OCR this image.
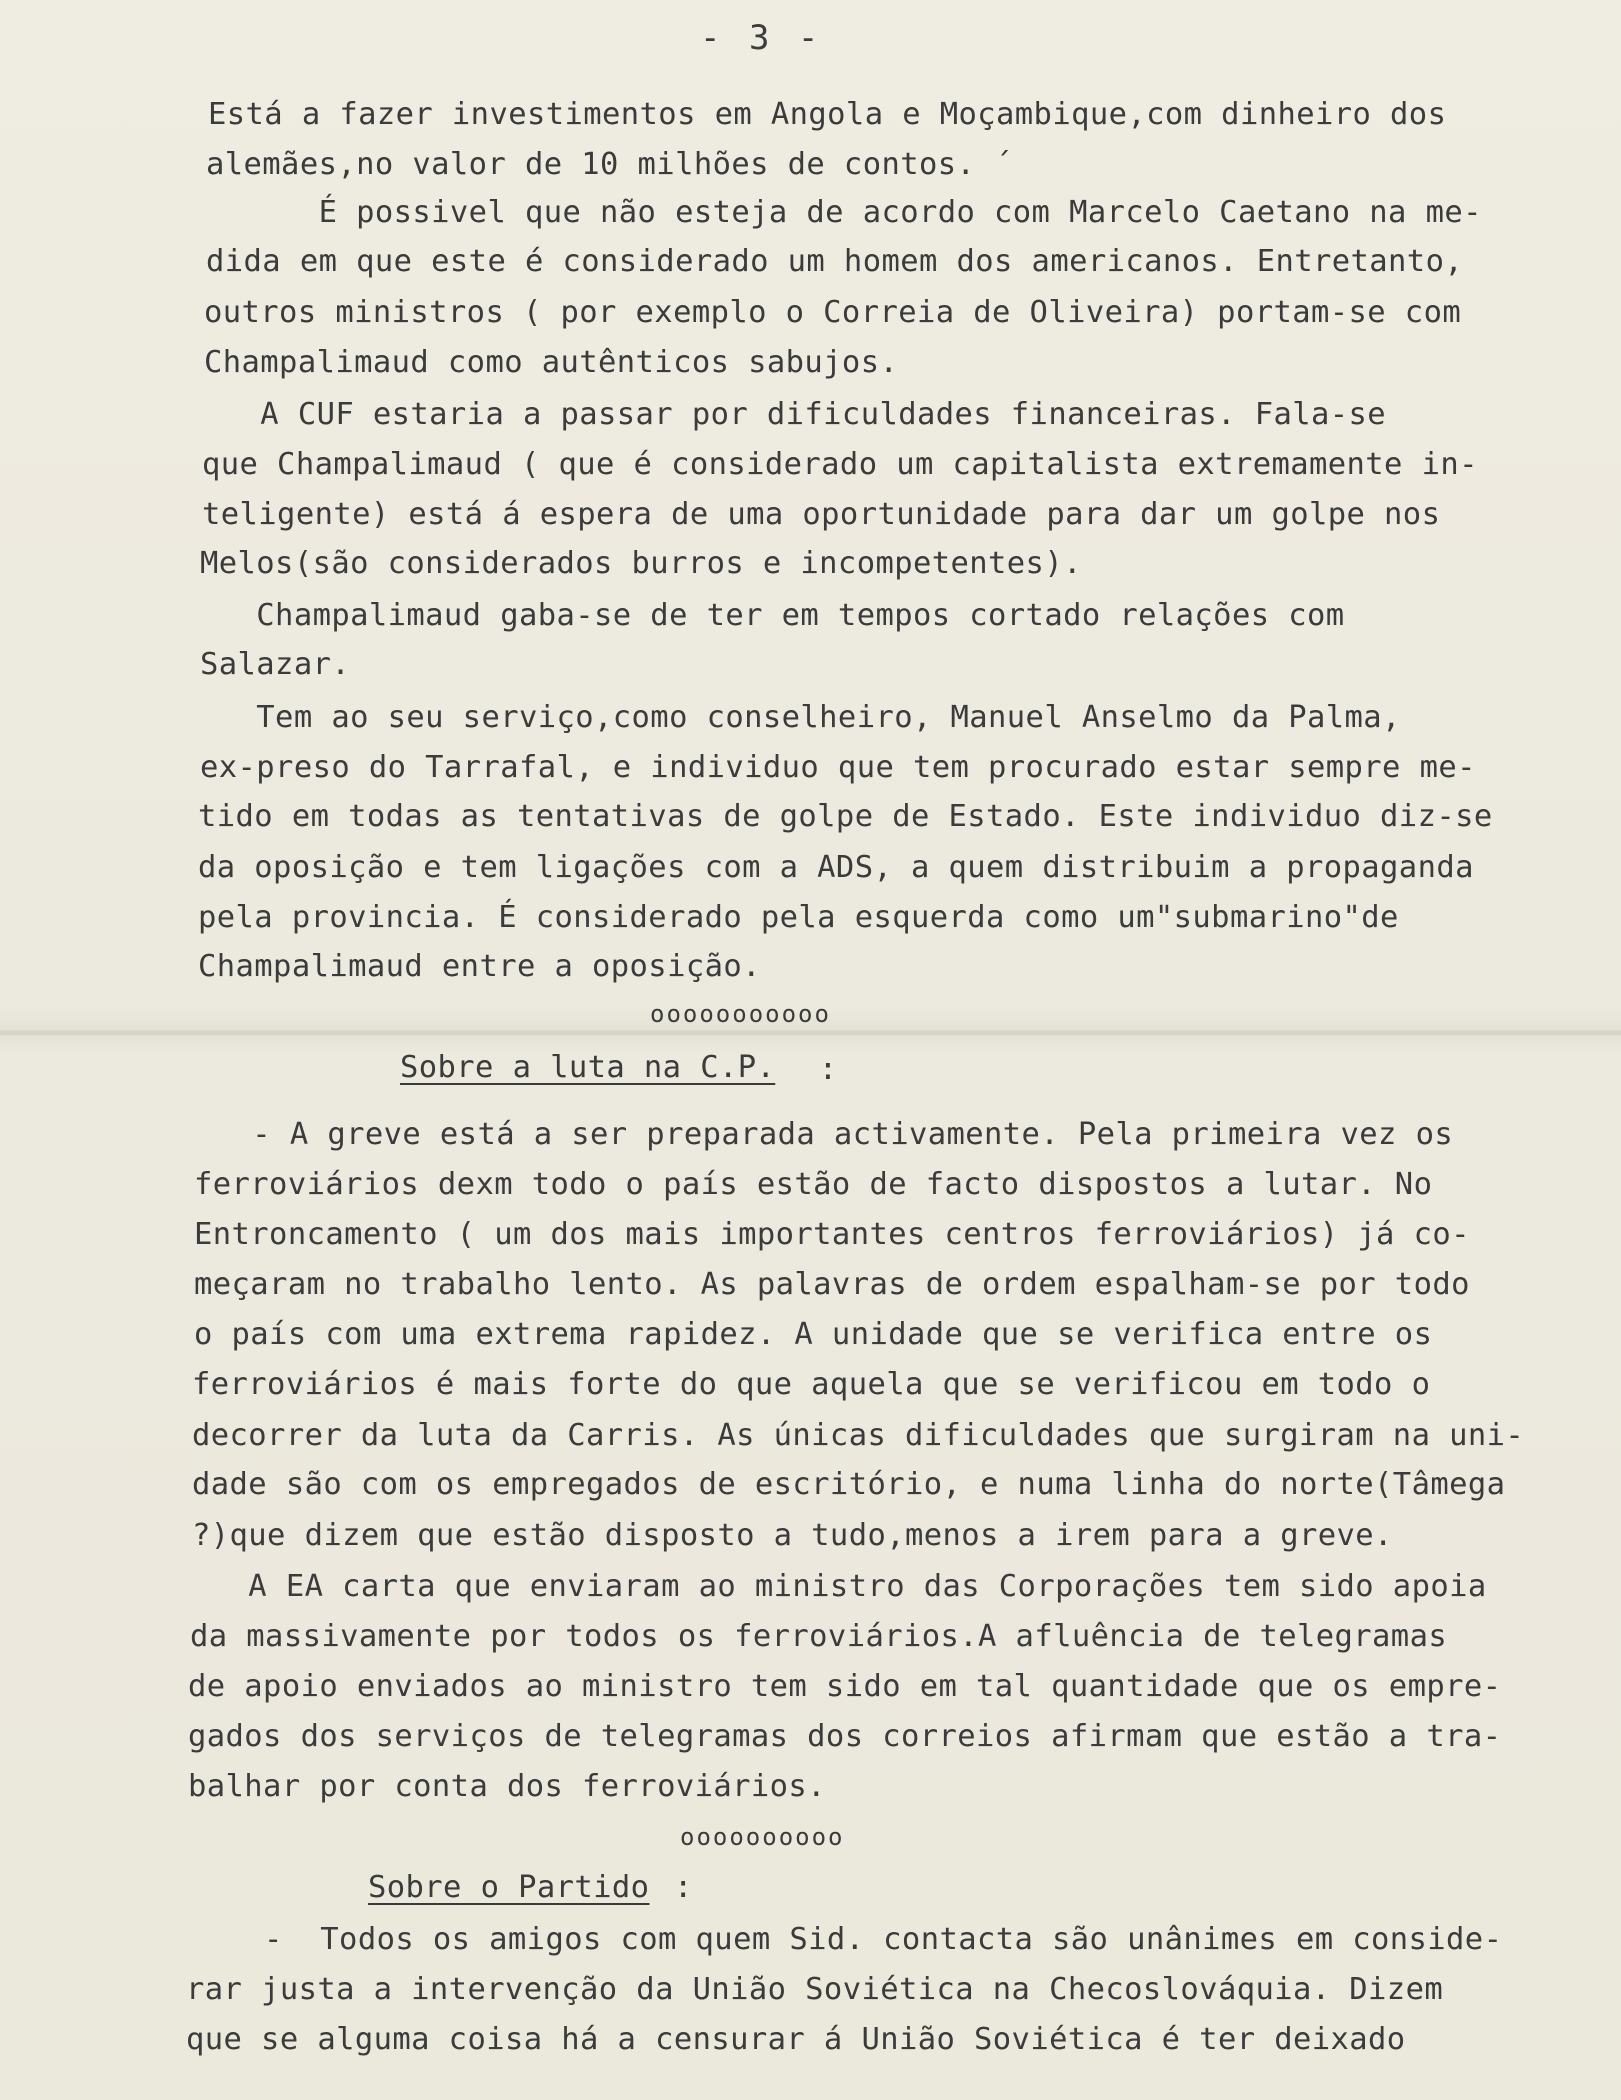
- 3 -
Está a fazer investimentos em Angola e Moçambique,com dinheiro dos
alemães,no valor de 10 milhões de contos. ´
É possivel que não esteja de acordo com Marcelo Caetano na me-
dida em que este é considerado um homem dos americanos. Entretanto,
outros ministros ( por exemplo o Correia de Oliveira) portam-se com
Champalimaud como autênticos sabujos.
A CUF estaria a passar por dificuldades financeiras. Fala-se
que Champalimaud ( que é considerado um capitalista extremamente in-
teligente) está á espera de uma oportunidade para dar um golpe nos
Melos(são considerados burros e incompetentes).
Champalimaud gaba-se de ter em tempos cortado relações com
Salazar.
Tem ao seu serviço,como conselheiro, Manuel Anselmo da Palma,
ex-preso do Tarrafal, e individuo que tem procurado estar sempre me-
tido em todas as tentativas de golpe de Estado. Este individuo diz-se
da oposição e tem ligações com a ADS, a quem distribuim a propaganda
pela provincia. É considerado pela esquerda como um"submarino"de
Champalimaud entre a oposição.
ooooooooooo
Sobre a luta na C.P. :
- A greve está a ser preparada activamente. Pela primeira vez os
ferroviários dexm todo o país estão de facto dispostos a lutar. No
Entroncamento ( um dos mais importantes centros ferroviários) já co-
meçaram no trabalho lento. As palavras de ordem espalham-se por todo
o país com uma extrema rapidez. A unidade que se verifica entre os
ferroviários é mais forte do que aquela que se verificou em todo o
decorrer da luta da Carris. As únicas dificuldades que surgiram na uni-
dade são com os empregados de escritório, e numa linha do norte(Tâmega
?)que dizem que estão disposto a tudo,menos a irem para a greve.
A EA carta que enviaram ao ministro das Corporações tem sido apoia
da massivamente por todos os ferroviários.A afluência de telegramas
de apoio enviados ao ministro tem sido em tal quantidade que os empre-
gados dos serviços de telegramas dos correios afirmam que estão a tra-
balhar por conta dos ferroviários.
oooooooooo
Sobre o Partido :
-  Todos os amigos com quem Sid. contacta são unânimes em conside-
rar justa a intervenção da União Soviética na Checoslováquia. Dizem
que se alguma coisa há a censurar á União Soviética é ter deixado
